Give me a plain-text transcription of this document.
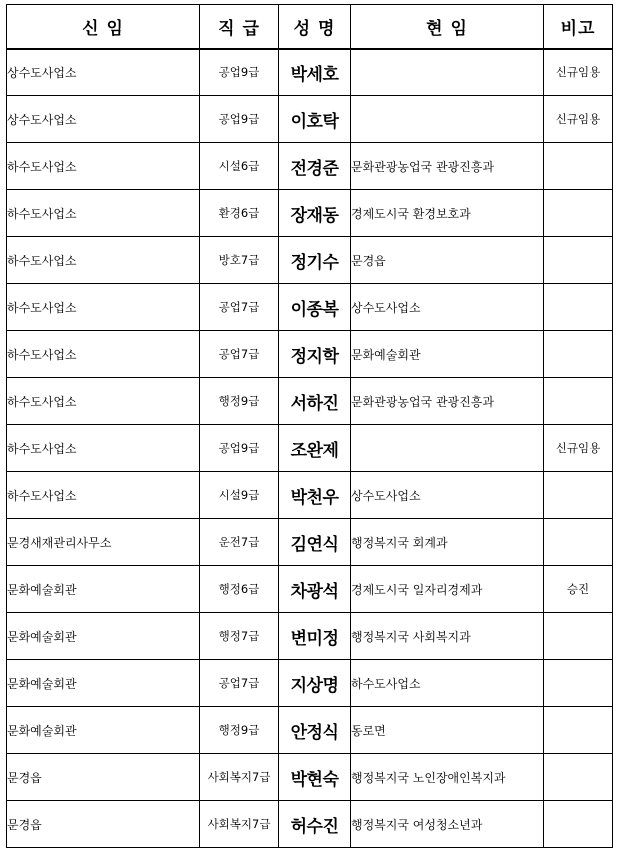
신 임	직 급	성 명	현 임	비고
상수도사업소	공업9급	박세호		신규임용
상수도사업소	공업9급	이호탁		신규임용
하수도사업소	시설6급	전경준	문화관광농업국 관광진흥과	
하수도사업소	환경6급	장재동	경제도시국 환경보호과	
하수도사업소	방호7급	정기수	문경읍	
하수도사업소	공업7급	이종복	상수도사업소	
하수도사업소	공업7급	정지학	문화예술회관	
하수도사업소	행정9급	서하진	문화관광농업국 관광진흥과	
하수도사업소	공업9급	조완제		신규임용
하수도사업소	시설9급	박천우	상수도사업소	
문경새재관리사무소	운전7급	김연식	행정복지국 회계과	
문화예술회관	행정6급	차광석	경제도시국 일자리경제과	승진
문화예술회관	행정7급	변미정	행정복지국 사회복지과	
문화예술회관	공업7급	지상명	하수도사업소	
문화예술회관	행정9급	안정식	동로면	
문경읍	사회복지7급	박현숙	행정복지국 노인장애인복지과	
문경읍	사회복지7급	허수진	행정복지국 여성청소년과	
